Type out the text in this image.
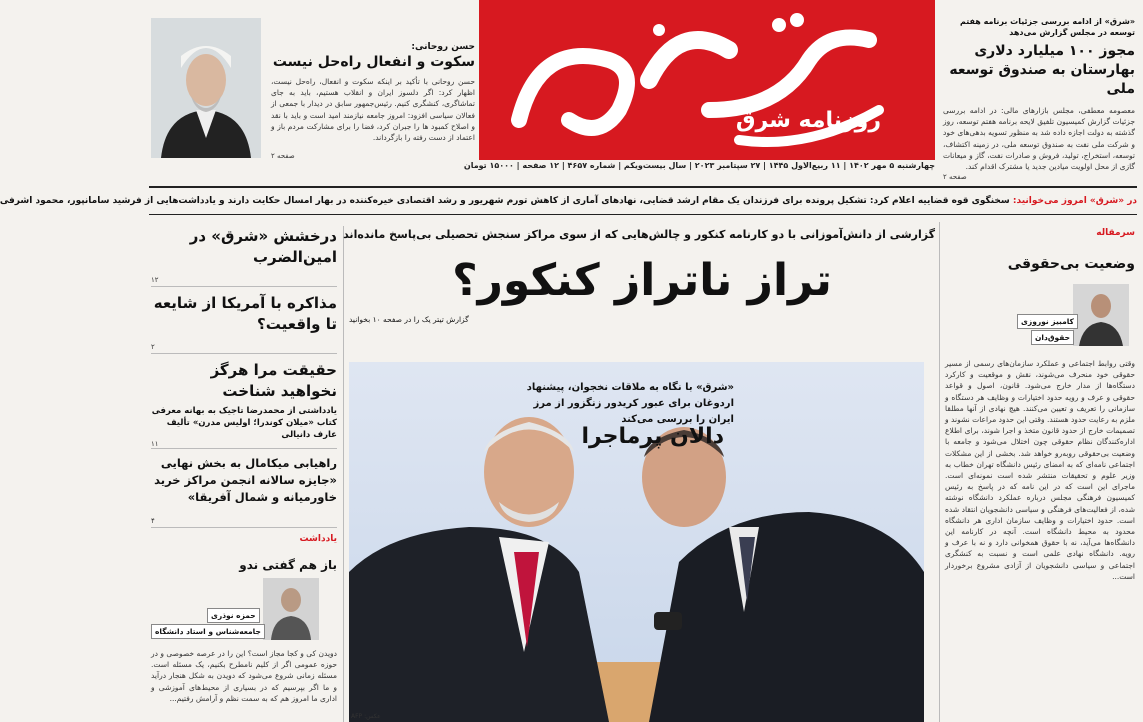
روزنامه شرق
چهارشنبه ۵ مهر ۱۴۰۲ | ۱۱ ربیع‌الاول ۱۴۴۵ | ۲۷ سپتامبر ۲۰۲۳ | سال بیست‌ویکم | شماره ۴۶۵۷ | ۱۲ صفحه | ۱۵۰۰۰ تومان
حسن روحانی:
سکوت و انفعال راه‌حل نیست
حسن روحانی با تأکید بر اینکه سکوت و انفعال، راه‌حل نیست، اظهار کرد: اگر دلسوز ایران و انقلاب هستیم، باید به جای تماشاگری، کنشگری کنیم. رئیس‌جمهور سابق در دیدار با جمعی از فعالان سیاسی افزود: امروز جامعه نیازمند امید است و باید با نقد و اصلاح کمبود ها را جبران کرد، فضا را برای مشارکت مردم باز و اعتماد از دست رفته را بازگرداند.
صفحه ۲
«شرق» از ادامه بررسی جزئیات برنامه هفتم توسعه در مجلس گزارش می‌دهد
مجوز ۱۰۰ میلیارد دلاری بهارستان به صندوق توسعه ملی
معصومه معطفی، مجلس بازار‌های مالی: در ادامه بررسی جزئیات گزارش کمیسیون تلفیق لایحه برنامه هفتم توسعه، روز گذشته به دولت اجازه داده شد به منظور تسویه بدهی‌های خود و شرکت ملی نفت به صندوق توسعه ملی، در زمینه اکتشاف، توسعه، استخراج، تولید، فروش و صادرات نفت، گاز و میعانات گازی از محل اولویت میادین جدید یا مشترک اقدام کند.
صفحه ۲
در «شرق» امروز می‌خوانید: سخنگوی قوه قضاییه اعلام کرد: تشکیل پرونده برای فرزندان یک مقام ارشد قضایی، نهادهای آماری از کاهش تورم شهریور و رشد اقتصادی خیره‌کننده در بهار امسال حکایت دارند و یادداشت‌هایی از فرشید سامانپور، محمود اشرفی
درخشش «شرق» در امین‌الضرب
۱۲
مذاکره با آمریکا از شایعه تا واقعیت؟
۲
حقیقت مرا هرگز نخواهید شناخت
یادداشتی از محمدرضا تاجیک به بهانه معرفی کتاب «میلان کوندرا؛ اولیس مدرن» تألیف عارف دانیالی
۱۱
راهیابی میکامال به بخش نهایی «جایزه سالانه انجمن مراکز خرید خاورمیانه و شمال آفریقا»
۴
یادداشت
باز هم گفتی ندو
حمزه نوذری
جامعه‌شناس و استاد دانشگاه
دویدن کی و کجا مجاز است؟ این را در عرصه خصوصی و در حوزه عمومی اگر از کلیم نامطرح بکنیم، یک مسئله است. مسئله زمانی شروع می‌شود که دویدن به شکل هنجار درآید و ما اگر بپرسیم که در بسیاری از محیط‌های آموزشی و اداری ما امروز هم که به سمت نظم و آرامش رفتیم...
گزارشی از دانش‌آموزانی با دو کارنامه کنکور و چالش‌هایی که از سوی مراکز سنجش تحصیلی بی‌پاسخ مانده‌اند
تراز ناتراز کنکور؟
گزارش تیتر یک را در صفحه ۱۰ بخوانید
«شرق» با نگاه به ملاقات نخجوان، پیشنهاد اردوغان برای عبور کریدور زنگزور از مرز ایران را بررسی می‌کند
دالان پرماجرا
عکس: AFP
سرمقاله
وضعیت بی‌حقوقی
کامبیز نوروزی
حقوق‌دان
وقتی روابط اجتماعی و عملکرد سازمان‌های رسمی از مسیر حقوقی خود منحرف می‌شوند، نقش و موقعیت و کارکرد دستگاه‌ها از مدار خارج می‌شود. قانون، اصول و قواعد حقوقی و عرف و رویه حدود اختیارات و وظایف هر دستگاه و سازمانی را تعریف و تعیین می‌کنند. هیچ نهادی از آنها مطلقا ملزم به رعایت حدود هستند. وقتی این حدود مراعات نشوند و تصمیمات خارج از حدود قانون متخذ و اجرا شوند، برای اطلاع اداره‌کنندگان نظام حقوقی چون اختلال می‌شود و جامعه با وضعیت بی‌حقوقی روبه‌رو خواهد شد. بخشی از این مشکلات اجتماعی نامه‌ای که به امضای رئیس دانشگاه تهران خطاب به وزیر علوم و تحقیقات منتشر شده است نمونه‌ای است. ماجرای این است که در این نامه که در پاسخ به رئیس کمیسیون فرهنگی مجلس درباره عملکرد دانشگاه نوشته شده، از فعالیت‌های فرهنگی و سیاسی دانشجویان انتقاد شده است. حدود اختیارات و وظایف سازمان اداری هر دانشگاه محدود به محیط دانشگاه است. آنچه در کارنامه این دانشگاه‌ها می‌آید، نه با حقوق همخوانی دارد و نه با عرف و رویه. دانشگاه نهادی علمی است و نسبت به کنشگری اجتماعی و سیاسی دانشجویان از آزادی مشروع برخوردار است...
